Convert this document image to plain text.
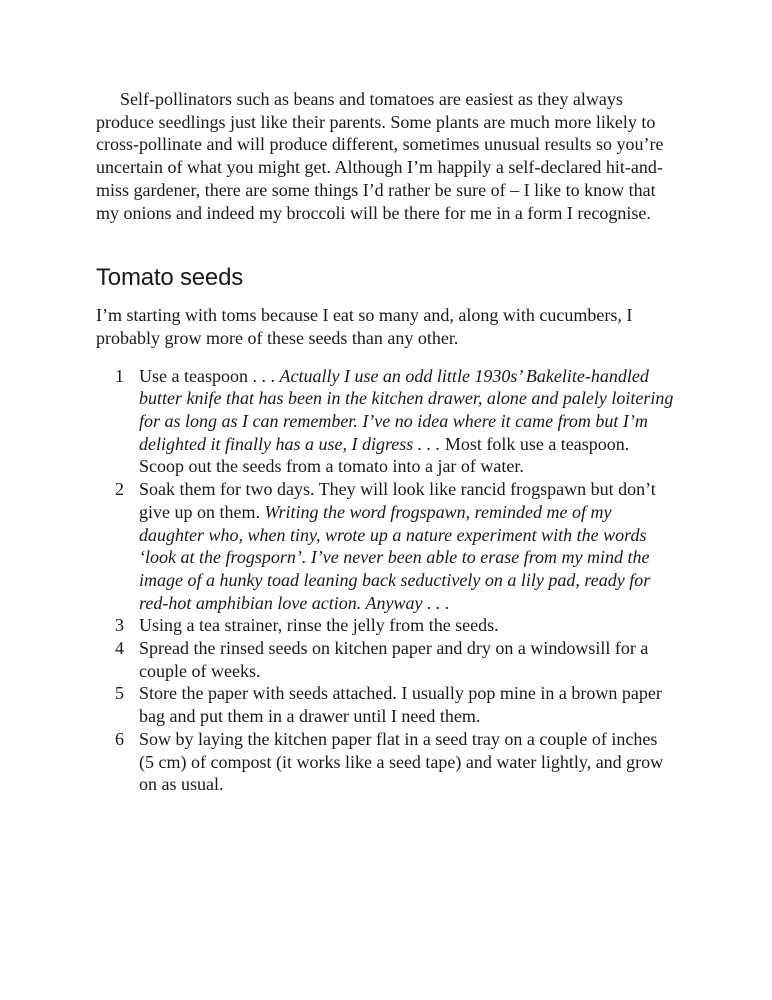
Self-pollinators such as beans and tomatoes are easiest as they always produce seedlings just like their parents. Some plants are much more likely to cross-pollinate and will produce different, sometimes unusual results so you’re uncertain of what you might get. Although I’m happily a self-declared hit-and-miss gardener, there are some things I’d rather be sure of – I like to know that my onions and indeed my broccoli will be there for me in a form I recognise.

Tomato seeds

I’m starting with toms because I eat so many and, along with cucumbers, I probably grow more of these seeds than any other.

1 Use a teaspoon . . . Actually I use an odd little 1930s’ Bakelite-handled butter knife that has been in the kitchen drawer, alone and palely loitering for as long as I can remember. I’ve no idea where it came from but I’m delighted it finally has a use, I digress . . . Most folk use a teaspoon. Scoop out the seeds from a tomato into a jar of water.
2 Soak them for two days. They will look like rancid frogspawn but don’t give up on them. Writing the word frogspawn, reminded me of my daughter who, when tiny, wrote up a nature experiment with the words ‘look at the frogsporn’. I’ve never been able to erase from my mind the image of a hunky toad leaning back seductively on a lily pad, ready for red-hot amphibian love action. Anyway . . .
3 Using a tea strainer, rinse the jelly from the seeds.
4 Spread the rinsed seeds on kitchen paper and dry on a windowsill for a couple of weeks.
5 Store the paper with seeds attached. I usually pop mine in a brown paper bag and put them in a drawer until I need them.
6 Sow by laying the kitchen paper flat in a seed tray on a couple of inches (5 cm) of compost (it works like a seed tape) and water lightly, and grow on as usual.
